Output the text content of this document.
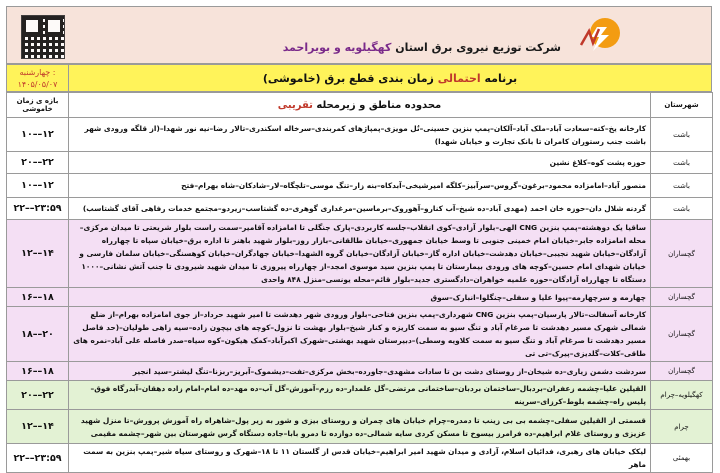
شرکت توزیع نیروی برق استان کهگیلویه و بویراحمد
چهارشنبه :
۱۴۰۵/۰۵/۰۷	برنامه احتمالی زمان بندی قطع برق (خاموشی)
شهرستان	محدوده مناطق و زیرمحله تقریبی	بازه ی زمان خاموشی
باشت	کارخانه یخ–کته–سعادت آباد–ملک آباد–آلکان–پمپ بنزین حسینی–تُل مویزی–پمپاژهای کمربندی–سرخاله اسکندری–تالار رضا–نیه نور شهدا–(از قلگه ورودی شهر باشت جنب رستوران کامران تا بانک تجارت و خیابان شهدا)	۱۰––۱۲
باشت	حوزه پشت کوه–کلاغ نشین	۲۰––۲۲
باشت	منصور آباد–امامزاده محمود–برغون–گروس–سرآبیز–کلگه امیرشیخی–آبدکاه–بنه زار–تنگ موسی–تلچگاه–لار–شادکان–شاه بهرام–فتح	۱۰––۱۲
باشت	گردنه شلال دان–حوزه خان احمد (مهدی آباد–ده شیخ–آب کنارو–آهوروک–برماسین–مرغداری گوهری–ده گشتاسب–زیردو–مجتمع خدمات رفاهی آقای گشتاسب)	۲۲––۲۳:۵۹
گچساران	ساقیا یک دوهشته–پمپ بنزین CNG الهی–بلوار آزادی–کوی انقلاب–جلسه کاربردی–پارک جنگلی تا امامزاده آقامیر–سمت راست بلوار شریعتی تا میدان مرکزی–محله امامزاده جابر–خیابان امام خمینی جنوبی تا وسط خیابان جمهوری–خیابان طالقانی–بازار روز–بلوار شهید باهنر تا اداره برق–خیابان سپاه تا چهارراه آزادگان–خیابان شهید نجیبی–خیابان دهدشت–خیابان اداره گاز–خیابان آزادگان–خیابان گروه الشهدا–خیابان جهادگران–خیابان کوهسنگی–خیابان سلمان فارسی و خیابان شهدای امام حسین–کوچه های ورودی بیمارستان تا پمپ بنزین سید موسوی امجد–از چهارراه پیروزی تا میدان شهید شیرودی تا جنب آتش نشانی–۱۰۰۰ دستگاه تا چهارراه آزادگان–حوزه علمیه خواهران–دادگستری جدید–بلوار قائم–محله یونسی–منزل ۸۴۸ واحدی	۱۲––۱۴
گچساران	چهارمه و سرچهارمه–پیوا علیا و سفلی–چنگلوا–انبارک–سوق	۱۶––۱۸
گچساران	کارخانه آسفالت–تالار پارسیان–پمپ بنزین CNG شهرداری–پمپ بنزین فتاحی–بلوار ورودی شهر دهدشت تا امیر شهید حرداد–از جوی امامزاده بهرام–از ضلع شمالی شهرک مسیر دهدشت تا صرغام آباد و تنگ سیو به سمت کاریزه و کنار شیخ–بلوار بهشت تا نزول–کوچه های بیچون زاده–سیه زاهی طولیان–(حد فاصل مسیر دهدشت تا صرغام آباد و تنگ سیو به سمت کلاویه وسطی)–دبیرستان شهید بهشتی–شهرک اکبرآباد–کمک هیکون–کوه سیاه–صدر فاصله علی آباد–نمره های طاقی–کلات–گلدیزی–پیرک–تی تی	۱۸––۲۰
گچساران	سردشت دشمن زیاری–ده شیخان–از روستای دشت بن تا سادات مشهدی–جاورده–بخش مرکزی–تفت–دیشموک–آبریز–ربزنا–تنگ لیشتر–سید انجیر	۱۶––۱۸
کهگیلویه–چرام	القیلین علیا–چشمه زعفران–بردبال–ساختمان بردبان–ساختمانی مرتضی–گل علمدار–ده رزم–آموزش–گل آب–ده مهد–ده امام–امام زاده دهقان–آبدرگاه فوق–پلیس راه–چشمه بلوط–کرزای–سرینه	۲۰––۲۲
چرام	قسمتی از القیلین سفلی–چشمه بی بی زینب تا دمدره–چرام خیابان های چمران و روستای بیزی و شور به زیر پول–شاهراه راه آموزش پرورش–تا منزل شهید عزیزی و روستای غلام ابراهیم–ده فرامرز بیسوخ تا مسکن کردی سایه شمالی–ده دوازده تا دمرو بابا–جاده دستگاه گرس شهرستان بین شهر–چشمه مقیمی	۱۲––۱۴
بهمئی	لیکک خیابان های رهبری، فدائیان اسلام، آزادی و میدان شهید امیر ابراهیم–خیابان قدس از گلستان ۱۱ تا ۱۸–شهرک و روستای سیاه شیر–پمپ بنزین به سمت ماهر	۲۲––۲۳:۵۹
